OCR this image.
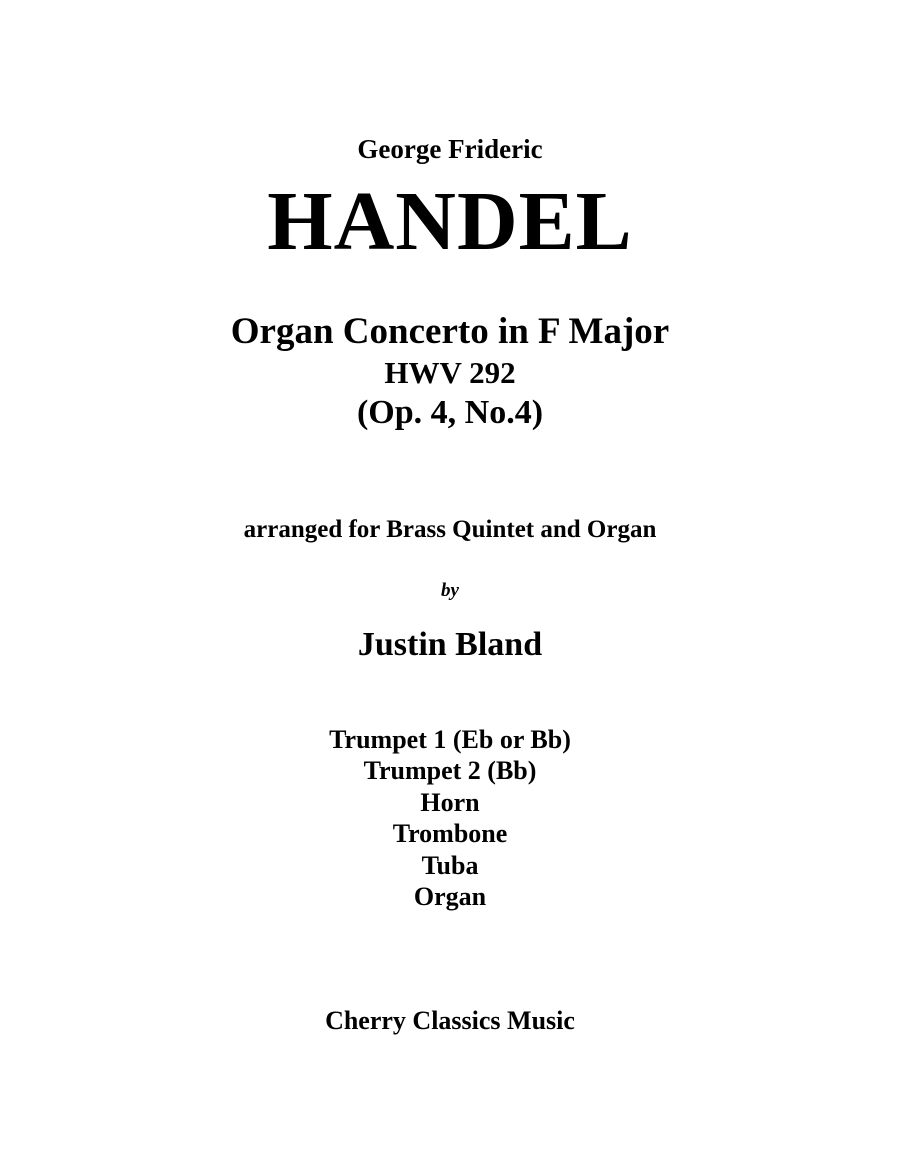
George Frideric

HANDEL

Organ Concerto in F Major

HWV 292

(Op. 4, No.4)

arranged for Brass Quintet and Organ

by

Justin Bland

Trumpet 1 (Eb or Bb)
Trumpet 2 (Bb)
Horn
Trombone
Tuba
Organ

Cherry Classics Music
